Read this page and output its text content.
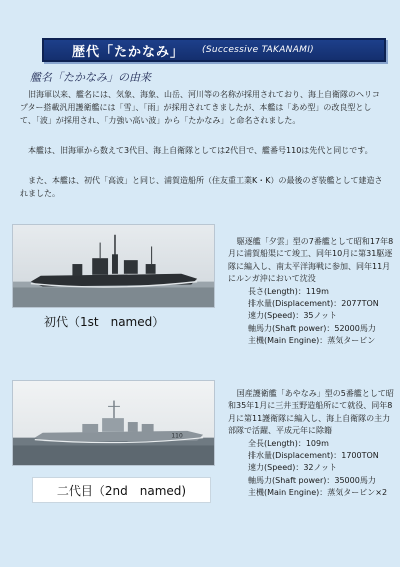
歴代「たかなみ」 (Successive TAKANAMI)
艦名「たかなみ」の由来

旧海軍以来、艦名には、気象、海象、山岳、河川等の名称が採用されており、海上自衛隊のヘリコプター搭載汎用護衛艦には「雪」、「雨」が採用されてきましたが、本艦は「あめ型」の改良型として、「波」が採用され、「力強い高い波」から「たかなみ」と命名されました。

本艦は、旧海軍から数えて3代目、海上自衛隊としては2代目で、艦番号110は先代と同じです。

また、本艦は、初代「高波」と同じ、浦賀造船所（住友重工業K・K）の最後のぎ装艦として建造されました。

初代（1st　named）
駆逐艦「夕雲」型の7番艦として昭和17年8月に浦賀船渠にて竣工、同年10月に第31駆逐隊に編入し、南太平洋海戦に参加、同年11月にルンガ沖において沈没
長さ(Length)：119m
排水量(Displacement)：2077TON
速力(Speed)：35ノット
軸馬力(Shaft power)：52000馬力
主機(Main Engine)：蒸気タービン
110
二代目（2nd　named)
国産護衛艦「あやなみ」型の5番艦として昭和35年1月に三井玉野造船所にて就役、同年8月に第11護衛隊に編入し、海上自衛隊の主力部隊で活躍、平成元年に除籍
全長(Length)：109m
排水量(Displacement)：1700TON
速力(Speed)：32ノット
軸馬力(Shaft power)：35000馬力
主機(Main Engine)：蒸気タービン×2
